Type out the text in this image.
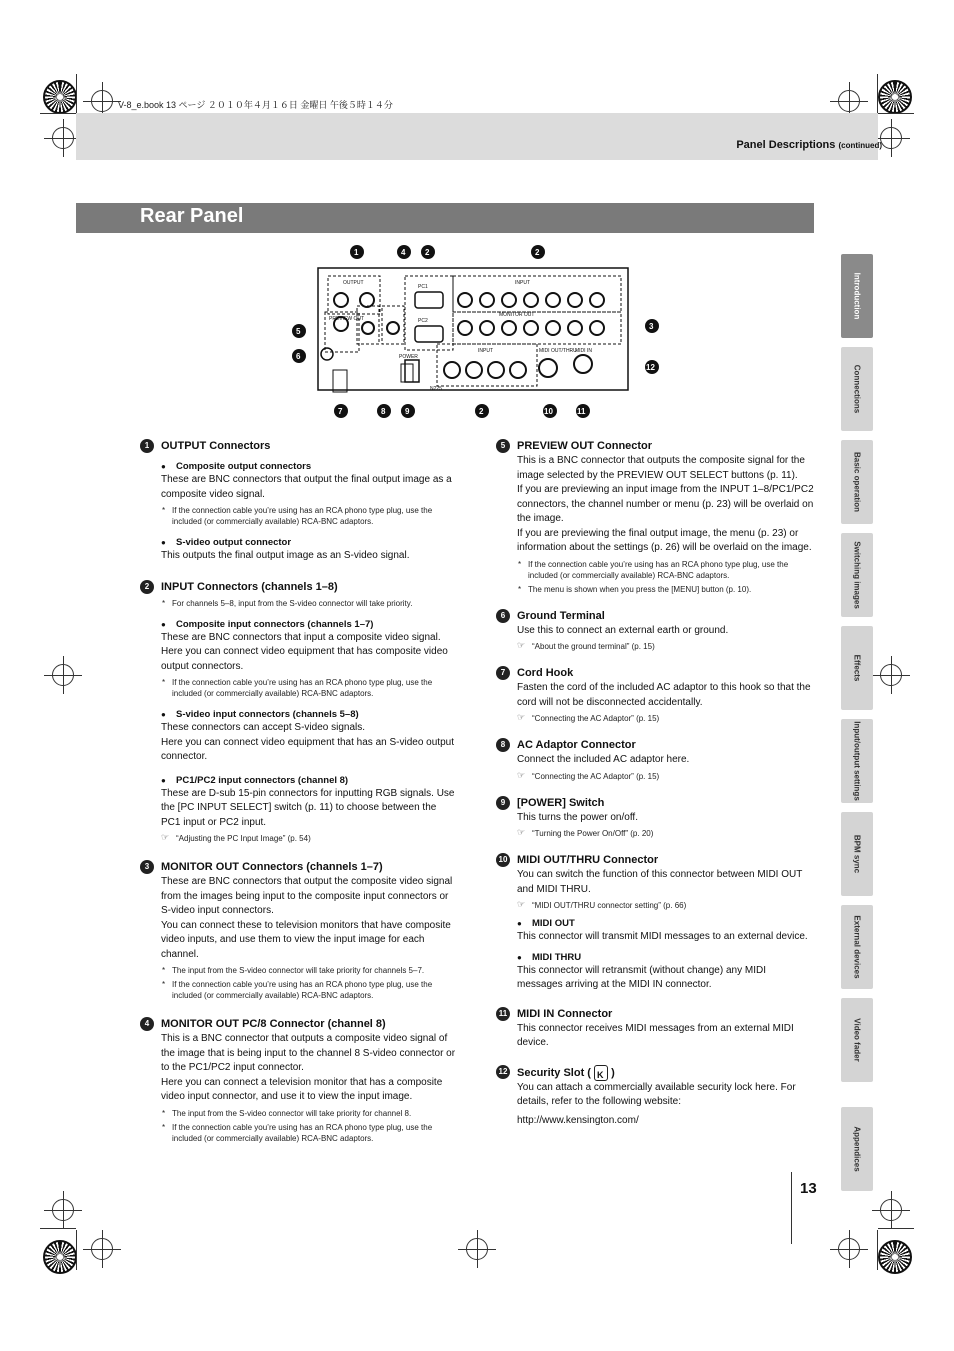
V-8_e.book 13 ページ ２０１０年４月１６日 金曜日 午後５時１４分
Panel Descriptions (continued)
Rear Panel
OUTPUT
PREVIEW OUT
PC1
PC2
INPUT
MONITOR OUT
POWER
INPUT	MIDI OUT/THRU
MIDI IN
N225
1	4 2	2
5
3
6
12
7	8 9	2	10	11
Introduction
Connections
Basic operation
Switching images
Effects
Input/output settings
BPM sync
External devices
Video fader
Appendices
1	OUTPUT Connectors
● Composite output connectors

These are BNC connectors that output the final output image as a composite video signal.

* If the connection cable you’re using has an RCA phono type plug, use the included (or commercially available) RCA-BNC adaptors.
● S-video output connector

This outputs the final output image as an S-video signal.

2	INPUT Connectors (channels 1–8)
* For channels 5–8, input from the S-video connector will take priority.
● Composite input connectors (channels 1–7)

These are BNC connectors that input a composite video signal. Here you can connect video equipment that has composite video output connectors.

* If the connection cable you’re using has an RCA phono type plug, use the included (or commercially available) RCA-BNC adaptors.
● S-video input connectors (channels 5–8)

These connectors can accept S-video signals.

Here you can connect video equipment that has an S-video output connector.

● PC1/PC2 input connectors (channel 8)

These are D-sub 15-pin connectors for inputting RGB signals. Use the [PC INPUT SELECT] switch (p. 11) to choose between the PC1 input or PC2 input.

☞ “Adjusting the PC Input Image” (p. 54)
3	MONITOR OUT Connectors (channels 1–7)

These are BNC connectors that output the composite video signal from the images being input to the composite input connectors or S-video input connectors.

You can connect these to television monitors that have composite video inputs, and use them to view the input image for each channel.

* The input from the S-video connector will take priority for channels 5–7.
* If the connection cable you’re using has an RCA phono type plug, use the included (or commercially available) RCA-BNC adaptors.
4	MONITOR OUT PC/8 Connector (channel 8)

This is a BNC connector that outputs a composite video signal of the image that is being input to the channel 8 S-video connector or to the PC1/PC2 input connector.

Here you can connect a television monitor that has a composite video input connector, and use it to view the input image.

* The input from the S-video connector will take priority for channel 8.
* If the connection cable you’re using has an RCA phono type plug, use the included (or commercially available) RCA-BNC adaptors.
5	PREVIEW OUT Connector

This is a BNC connector that outputs the composite signal for the image selected by the PREVIEW OUT SELECT buttons (p. 11).

If you are previewing an input image from the INPUT 1–8/PC1/PC2 connectors, the channel number or menu (p. 23) will be overlaid on the image.

If you are previewing the final output image, the menu (p. 23) or information about the settings (p. 26) will be overlaid on the image.

* If the connection cable you’re using has an RCA phono type plug, use the included (or commercially available) RCA-BNC adaptors.
* The menu is shown when you press the [MENU] button (p. 10).
6	Ground Terminal

Use this to connect an external earth or ground.

☞ “About the ground terminal” (p. 15)
7	Cord Hook

Fasten the cord of the included AC adaptor to this hook so that the cord will not be disconnected accidentally.

☞ “Connecting the AC Adaptor” (p. 15)
8	AC Adaptor Connector

Connect the included AC adaptor here.

☞ “Connecting the AC Adaptor” (p. 15)
9	[POWER] Switch

This turns the power on/off.

☞ “Turning the Power On/Off” (p. 20)
10 MIDI OUT/THRU Connector

You can switch the function of this connector between MIDI OUT and MIDI THRU.

☞ “MIDI OUT/THRU connector setting” (p. 66)
● MIDI OUT

This connector will transmit MIDI messages to an external device.

● MIDI THRU

This connector will retransmit (without change) any MIDI messages arriving at the MIDI IN connector.

11 MIDI IN Connector

This connector receives MIDI messages from an external MIDI device.

12 Security Slot ( K )

You can attach a commercially available security lock here. For details, refer to the following website:

http://www.kensington.com/

13
